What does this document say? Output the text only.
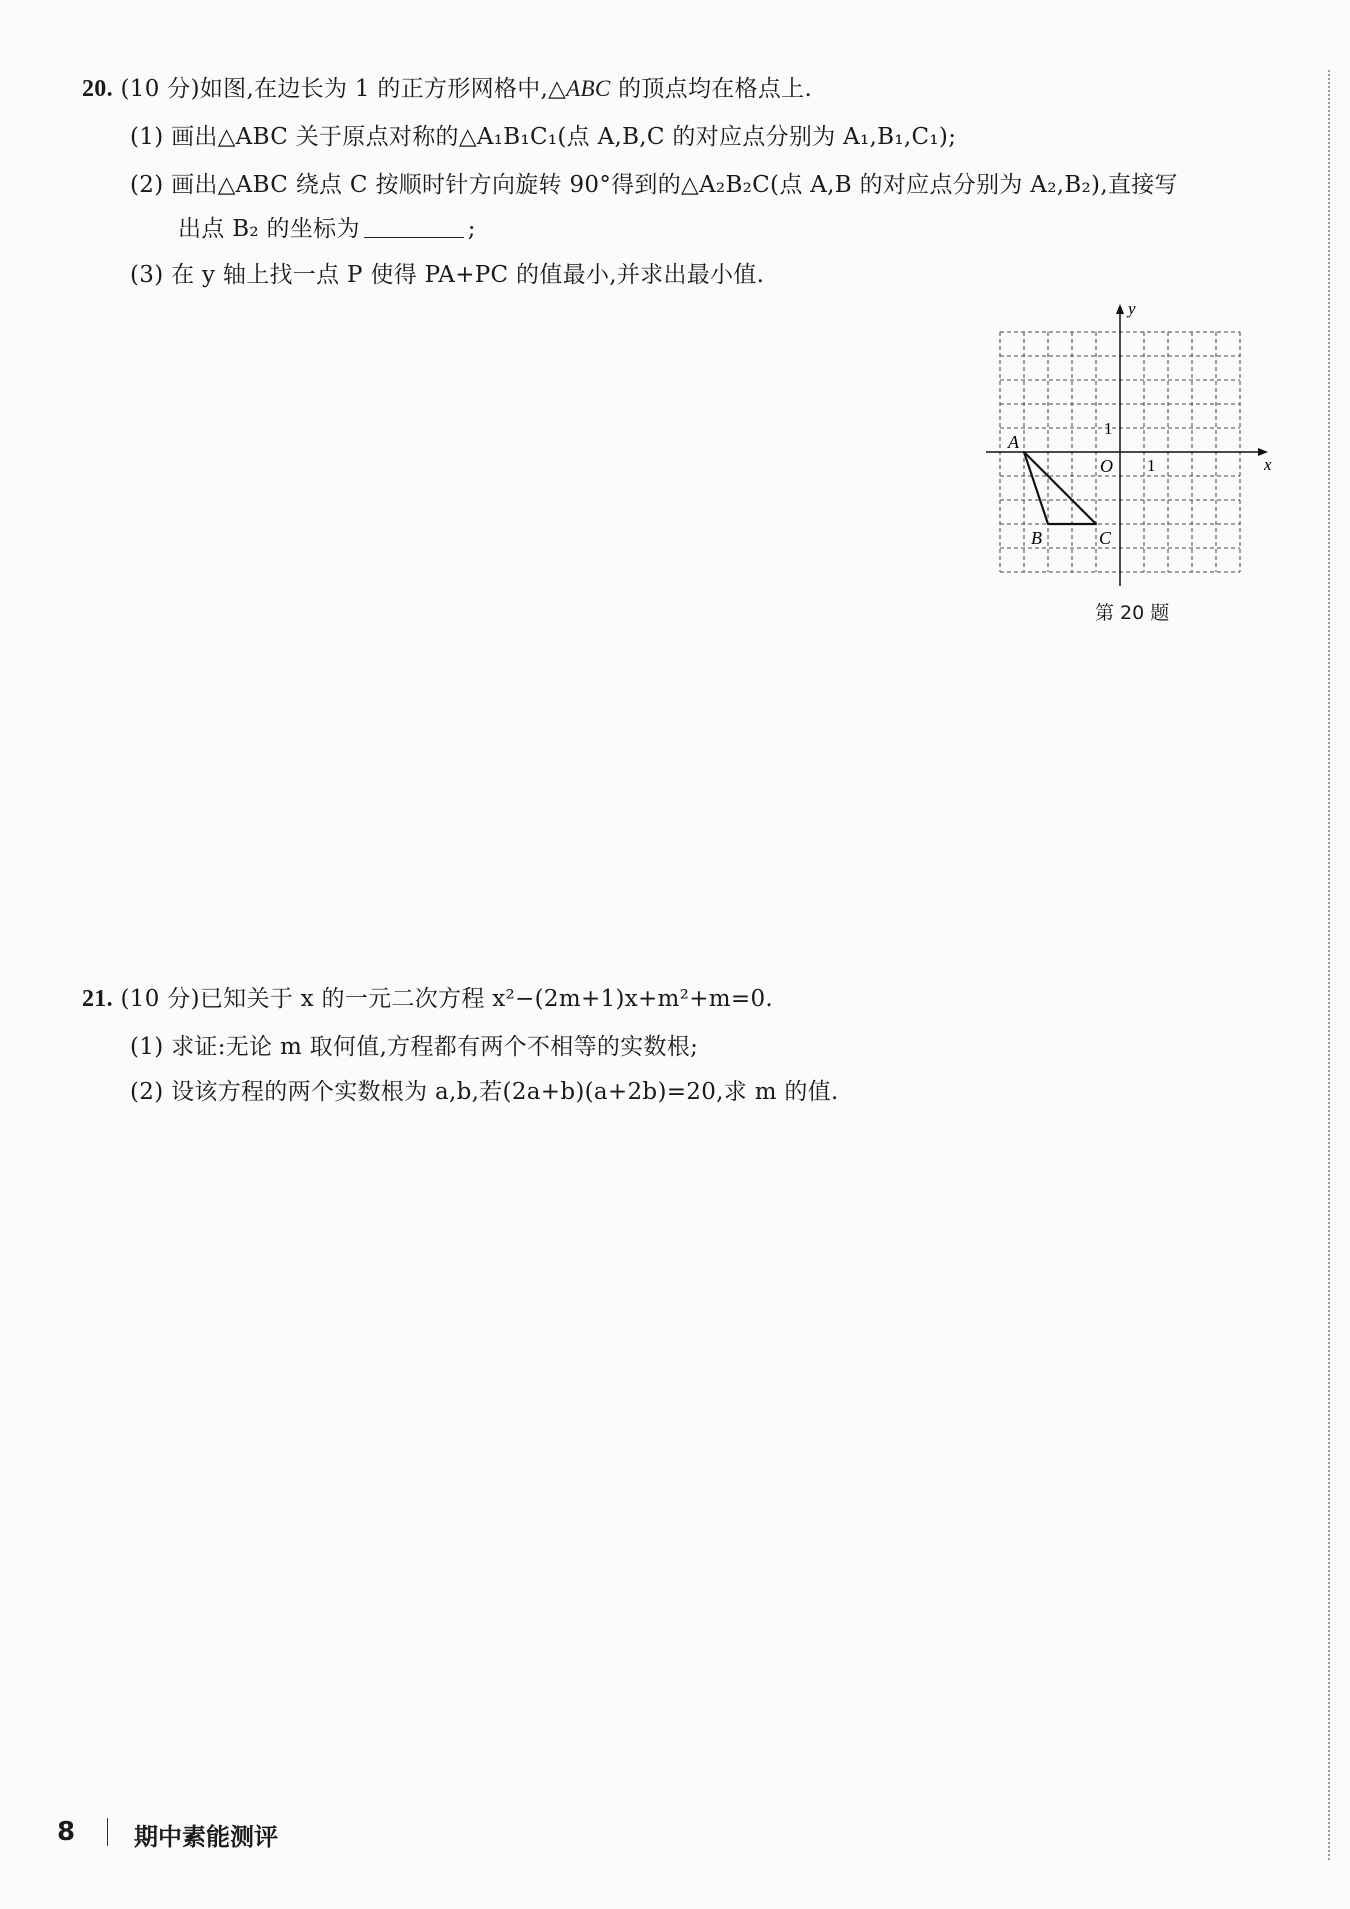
20. (10 分)如图,在边长为 1 的正方形网格中,△ABC 的顶点均在格点上.
(1) 画出△ABC 关于原点对称的△A₁B₁C₁(点 A,B,C 的对应点分别为 A₁,B₁,C₁);
(2) 画出△ABC 绕点 C 按顺时针方向旋转 90°得到的△A₂B₂C(点 A,B 的对应点分别为 A₂,B₂),直接写
出点 B₂ 的坐标为	;
(3) 在 y 轴上找一点 P 使得 PA+PC 的值最小,并求出最小值.
y
x
O 1
1
A
B	C
第 20 题
21. (10 分)已知关于 x 的一元二次方程 x²−(2m+1)x+m²+m=0.
(1) 求证:无论 m 取何值,方程都有两个不相等的实数根;
(2) 设该方程的两个实数根为 a,b,若(2a+b)(a+2b)=20,求 m 的值.
8 期中素能测评
